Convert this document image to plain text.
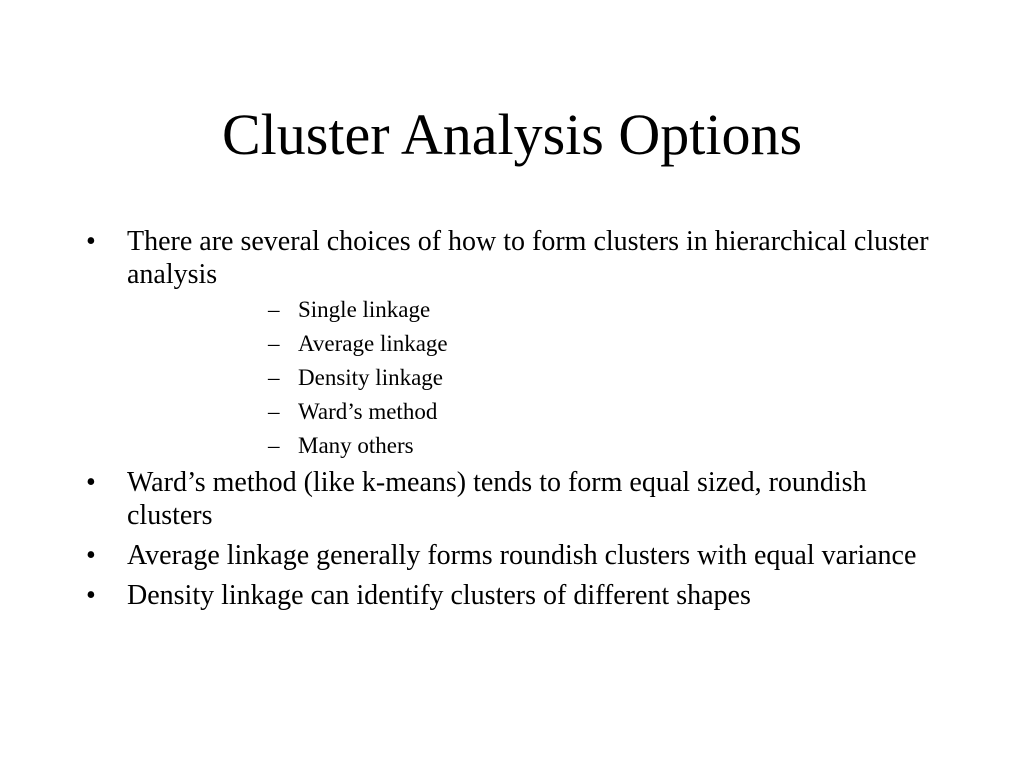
Cluster Analysis Options
• There are several choices of how to form clusters in hierarchical cluster analysis
– Single linkage
– Average linkage
– Density linkage
– Ward’s method
– Many others
• Ward’s method (like k-means) tends to form equal sized, roundish clusters
• Average linkage generally forms roundish clusters with equal variance
• Density linkage can identify clusters of different shapes
